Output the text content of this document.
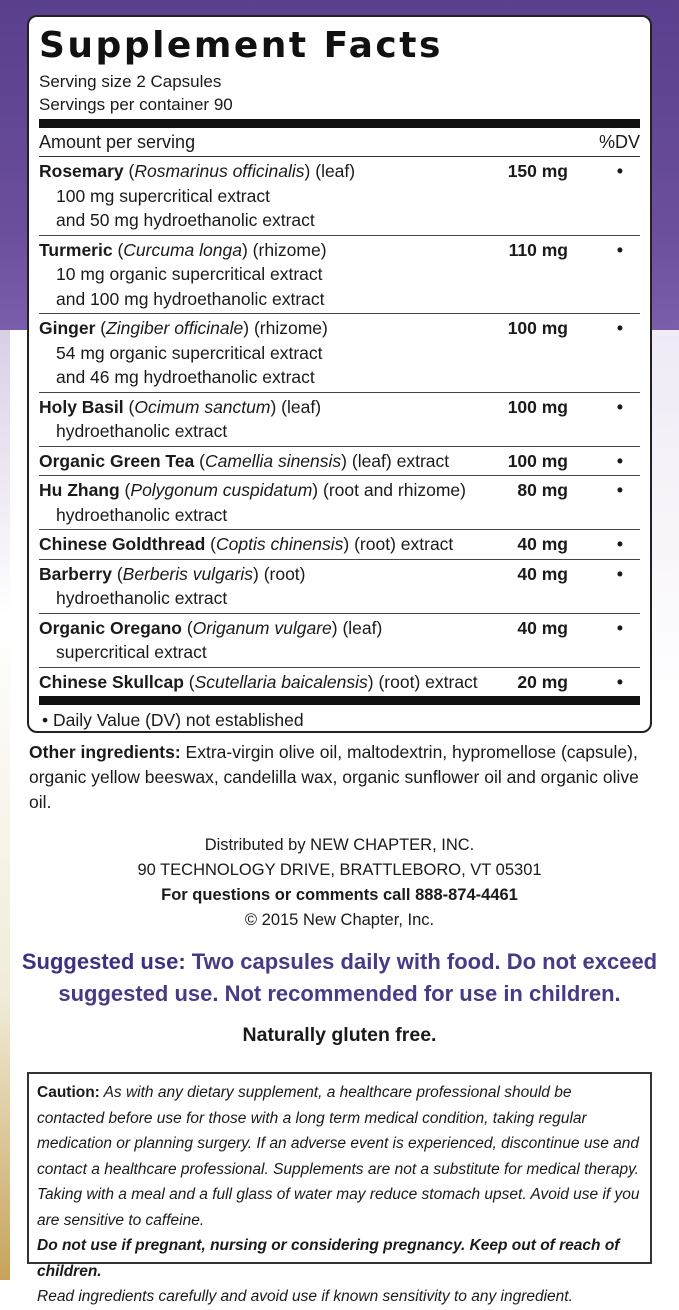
Supplement Facts
Serving size 2 Capsules
Servings per container 90
Amount per serving	%DV
Rosemary (Rosmarinus officinalis) (leaf)
100 mg supercritical extract
and 50 mg hydroethanolic extract
150 mg	•
Turmeric (Curcuma longa) (rhizome)
10 mg organic supercritical extract
and 100 mg hydroethanolic extract
110 mg	•
Ginger (Zingiber officinale) (rhizome)
54 mg organic supercritical extract
and 46 mg hydroethanolic extract
100 mg	•
Holy Basil (Ocimum sanctum) (leaf)
hydroethanolic extract
100 mg	•
Organic Green Tea (Camellia sinensis) (leaf) extract	100 mg	•
Hu Zhang (Polygonum cuspidatum) (root and rhizome)
hydroethanolic extract
80 mg	•
Chinese Goldthread (Coptis chinensis) (root) extract	40 mg	•
Barberry (Berberis vulgaris) (root)
hydroethanolic extract
40 mg	•
Organic Oregano (Origanum vulgare) (leaf)
supercritical extract
40 mg	•
Chinese Skullcap (Scutellaria baicalensis) (root) extract	20 mg	•
• Daily Value (DV) not established
Other ingredients: Extra-virgin olive oil, maltodextrin, hypromellose (capsule), organic yellow beeswax, candelilla wax, organic sunflower oil and organic olive oil.
Distributed by NEW CHAPTER, INC.
90 TECHNOLOGY DRIVE, BRATTLEBORO, VT 05301
For questions or comments call 888-874-4461
© 2015 New Chapter, Inc.
Suggested use: Two capsules daily with food. Do not exceed
suggested use. Not recommended for use in children.
Naturally gluten free.
Caution: As with any dietary supplement, a healthcare professional should be contacted before use for those with a long term medical condition, taking regular medication or planning surgery. If an adverse event is experienced, discontinue use and contact a healthcare professional. Supplements are not a substitute for medical therapy. Taking with a meal and a full glass of water may reduce stomach upset. Avoid use if you are sensitive to caffeine.
Do not use if pregnant, nursing or considering pregnancy. Keep out of reach of children.
Read ingredients carefully and avoid use if known sensitivity to any ingredient.
